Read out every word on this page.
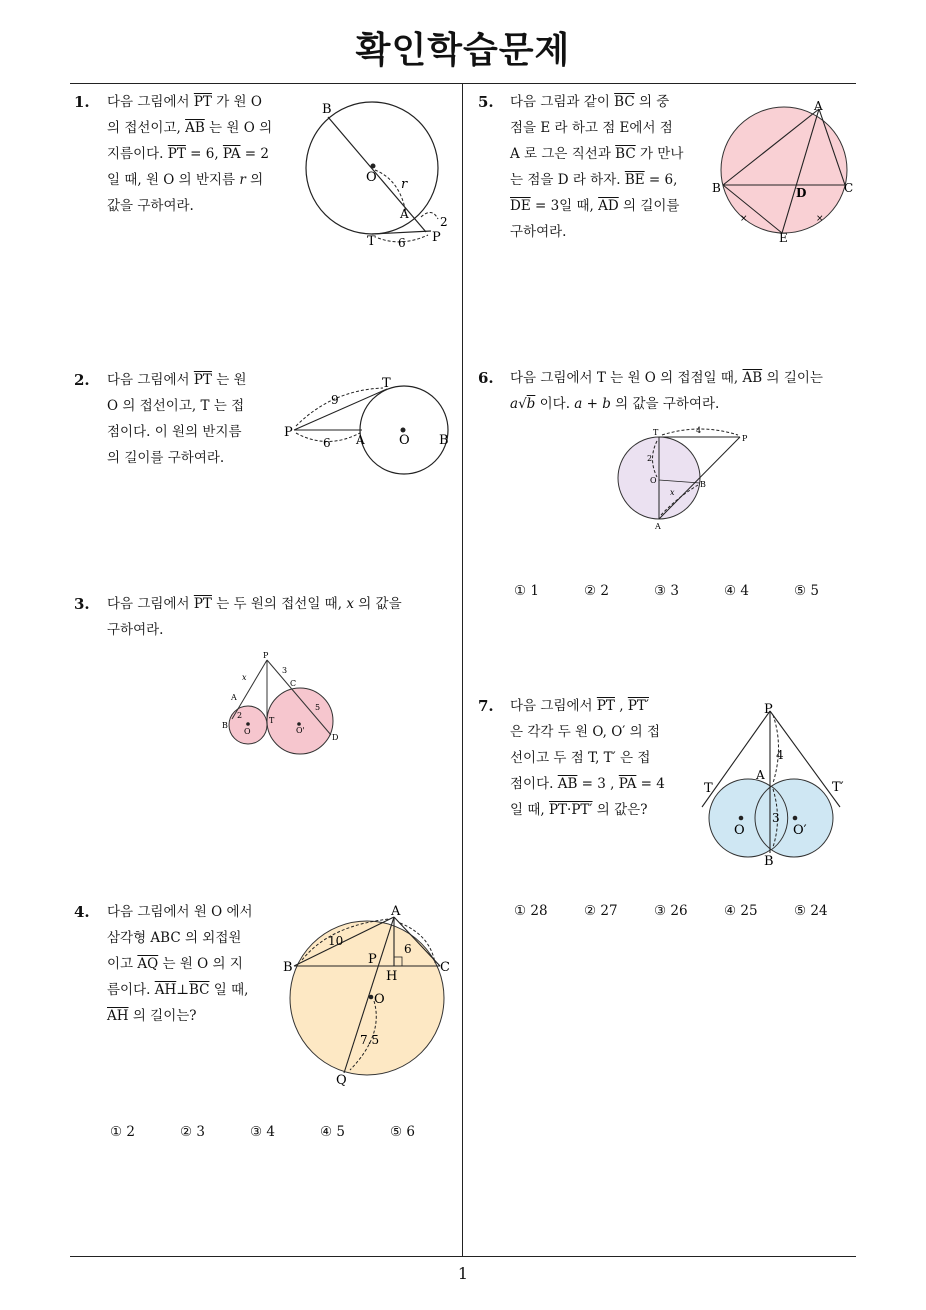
확인학습문제
1
1. 다음 그림에서 $\overline{PT}$ 가 원 O
의 접선이고, $\overline{AB}$ 는 원 O 의
지름이다. $\overline{PT} = 6$, $\overline{PA} = 2$
일 때, 원 O 의 반지름 r 의
값을 구하여라.
B
O r
A
2
T 6 P
2. 다음 그림에서 $\overline{PT}$ 는 원
O 의 접선이고, T 는 접
점이다. 이 원의 반지름
의 길이를 구하여라.
T
9
P	A	O B
6
3. 다음 그림에서 $\overline{PT}$ 는 두 원의 접선일 때, x 의 값을
구하여라.
P
x
3
C
A
2
B
O
T
O'
5
D
4. 다음 그림에서 원 O 에서
삼각형 ABC 의 외접원
이고 $\overline{AQ}$ 는 원 O 의 지
름이다. $\overline{AH}\perp\overline{BC}$ 일 때,
$\overline{AH}$ 의 길이는?
A
10
6
B	C
P
H
O
7.5
Q
① 2	② 3	③ 4	④ 5	⑤ 6
5. 다음 그림과 같이 $\overline{BC}$ 의 중
점을 E 라 하고 점 E에서 점
A 로 그은 직선과 $\overline{BC}$ 가 만나
는 점을 D 라 하자. $\overline{BE} = 6$,
$\overline{DE} = 3$일 때, $\overline{AD}$ 의 길이를
구하여라.
A
B	D	C
E
×	×
6. 다음 그림에서 T 는 원 O 의 접점일 때, $\overline{AB}$ 의 길이는
a√b 이다. a + b 의 값을 구하여라.
T	4
P
2
O
x
B
A
① 1	② 2	③ 3	④ 4	⑤ 5
7. 다음 그림에서 $\overline{PT}$ , PT′
은 각각 두 원 O, O′ 의 접
선이고 두 점 T, T′ 은 접
점이다. $\overline{AB} = 3$ , $\overline{PA} = 4$
일 때, PT·PT′ 의 값은?
P
4
A
T	T′
3
O	O′
B
① 28	② 27	③ 26	④ 25	⑤ 24
